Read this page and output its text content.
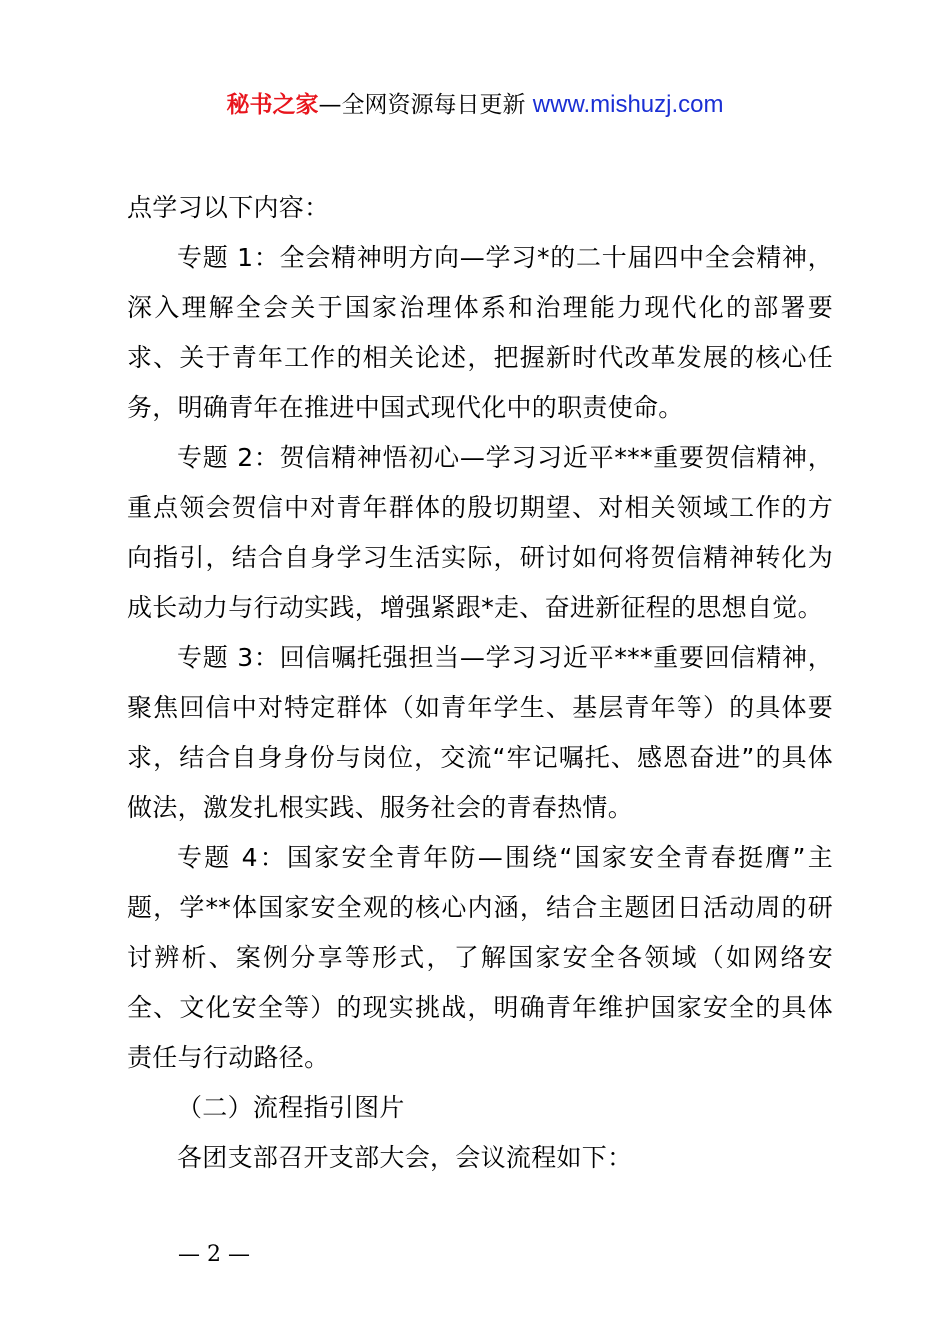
秘书之家—全网资源每日更新 www.mishuzj.com

点学习以下内容：

专题 1：全会精神明方向—学习*的二十届四中全会精神，深入理解全会关于国家治理体系和治理能力现代化的部署要求、关于青年工作的相关论述，把握新时代改革发展的核心任务，明确青年在推进中国式现代化中的职责使命。

专题 2：贺信精神悟初心—学习习近平***重要贺信精神，重点领会贺信中对青年群体的殷切期望、对相关领域工作的方向指引，结合自身学习生活实际，研讨如何将贺信精神转化为成长动力与行动实践，增强紧跟*走、奋进新征程的思想自觉。

专题 3：回信嘱托强担当—学习习近平***重要回信精神，聚焦回信中对特定群体（如青年学生、基层青年等）的具体要求，结合自身身份与岗位，交流“牢记嘱托、感恩奋进”的具体做法，激发扎根实践、服务社会的青春热情。

专题 4：国家安全青年防—围绕“国家安全青春挺膺”主题，学**体国家安全观的核心内涵，结合主题团日活动周的研讨辨析、案例分享等形式，了解国家安全各领域（如网络安全、文化安全等）的现实挑战，明确青年维护国家安全的具体责任与行动路径。

（二）流程指引图片

各团支部召开支部大会，会议流程如下：

— 2 —
